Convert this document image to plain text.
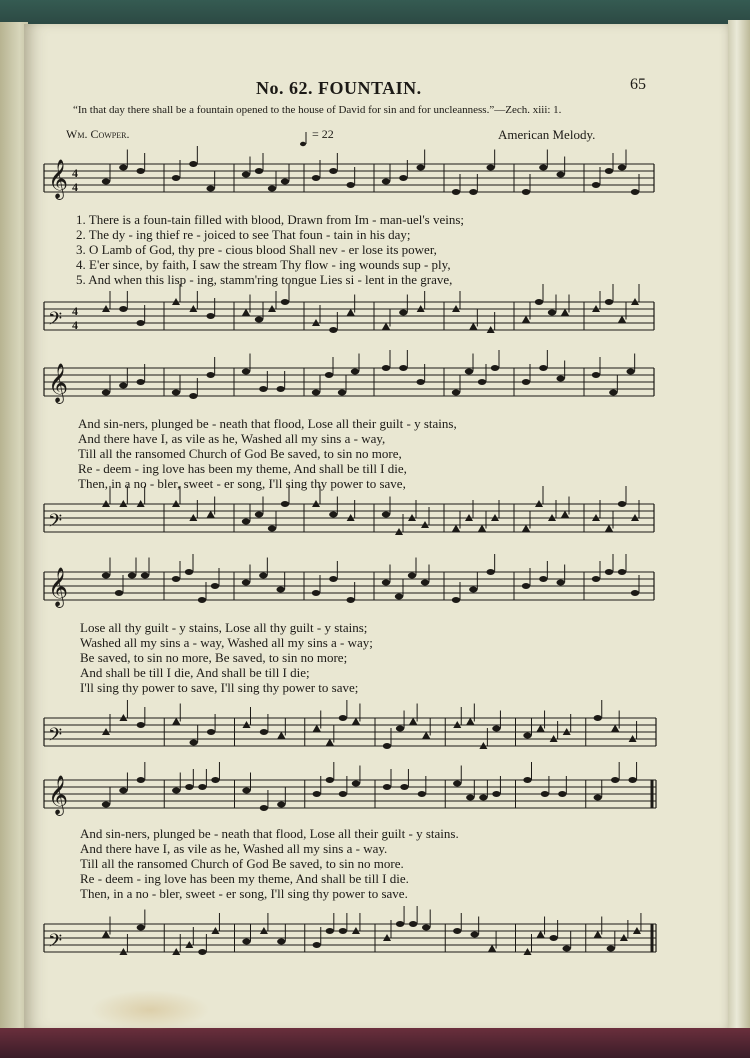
No. 62. FOUNTAIN.	65
“In that day there shall be a fountain opened to the house of David for sin and for uncleanness.”—Zech. xiii: 1.
Wm. Cowper.	= 22	American Melody.
𝄞 4
4
1. There is a foun-tain filled with blood, Drawn from Im - man-uel's veins;
2. The dy - ing thief re - joiced to see That foun - tain in his day;
3. O Lamb of God, thy pre - cious blood Shall nev - er lose its power,
4. E'er since, by faith, I saw the stream Thy flow - ing wounds sup - ply,
5. And when this lisp - ing, stamm'ring tongue Lies si - lent in the grave,
𝄢 4
4
𝄞
And sin-ners, plunged be - neath that flood, Lose all their guilt - y stains,
And there have I, as vile as he, Washed all my sins a - way,
Till all the ransomed Church of God Be saved, to sin no more,
Re - deem - ing love has been my theme, And shall be till I die,
Then, in a no - bler, sweet - er song, I'll sing thy power to save,
𝄢
𝄞
Lose all thy guilt - y stains, Lose all thy guilt - y stains;
Washed all my sins a - way, Washed all my sins a - way;
Be saved, to sin no more, Be saved, to sin no more;
And shall be till I die, And shall be till I die;
I'll sing thy power to save, I'll sing thy power to save;
𝄢
𝄞
And sin-ners, plunged be - neath that flood, Lose all their guilt - y stains.
And there have I, as vile as he, Washed all my sins a - way.
Till all the ransomed Church of God Be saved, to sin no more.
Re - deem - ing love has been my theme, And shall be till I die.
Then, in a no - bler, sweet - er song, I'll sing thy power to save.
𝄢
